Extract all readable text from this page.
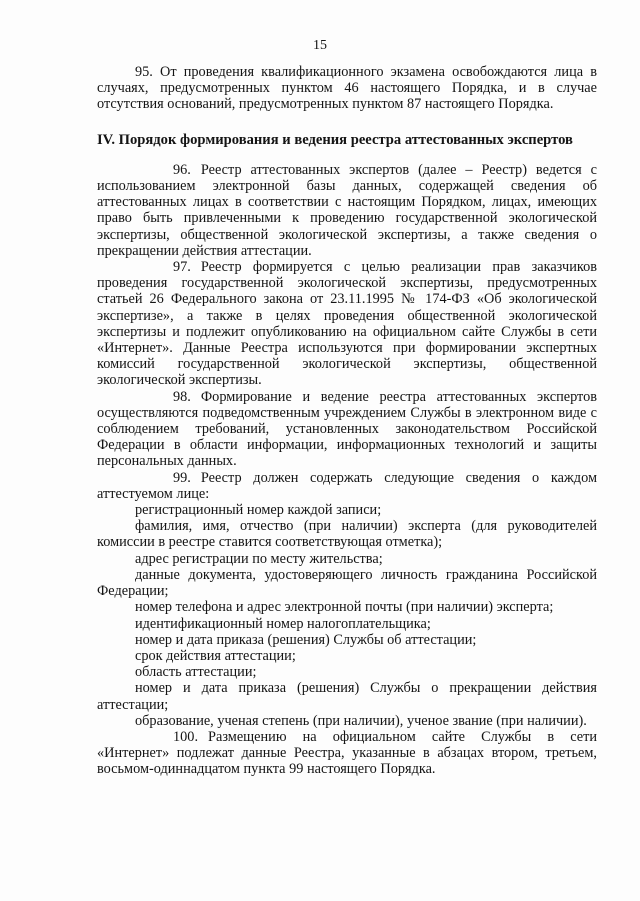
15

95. От проведения квалификационного экзамена освобождаются лица в случаях, предусмотренных пунктом 46 настоящего Порядка, и в случае отсутствия оснований, предусмотренных пунктом 87 настоящего Порядка.

IV. Порядок формирования и ведения реестра аттестованных экспертов

96. Реестр аттестованных экспертов (далее – Реестр) ведется с использованием электронной базы данных, содержащей сведения об аттестованных лицах в соответствии с настоящим Порядком, лицах, имеющих право быть привлеченными к проведению государственной экологической экспертизы, общественной экологической экспертизы, а также сведения о прекращении действия аттестации.

97. Реестр формируется с целью реализации прав заказчиков проведения государственной экологической экспертизы, предусмотренных статьей 26 Федерального закона от 23.11.1995 № 174-ФЗ «Об экологической экспертизе», а также в целях проведения общественной экологической экспертизы и подлежит опубликованию на официальном сайте Службы в сети «Интернет». Данные Реестра используются при формировании экспертных комиссий государственной экологической экспертизы, общественной экологической экспертизы.

98. Формирование и ведение реестра аттестованных экспертов осуществляются подведомственным учреждением Службы в электронном виде с соблюдением требований, установленных законодательством Российской Федерации в области информации, информационных технологий и защиты персональных данных.

99. Реестр должен содержать следующие сведения о каждом аттестуемом лице:

регистрационный номер каждой записи;

фамилия, имя, отчество (при наличии) эксперта (для руководителей комиссии в реестре ставится соответствующая отметка);

адрес регистрации по месту жительства;

данные документа, удостоверяющего личность гражданина Российской Федерации;

номер телефона и адрес электронной почты (при наличии) эксперта;

идентификационный номер налогоплательщика;

номер и дата приказа (решения) Службы об аттестации;

срок действия аттестации;

область аттестации;

номер и дата приказа (решения) Службы о прекращении действия аттестации;

образование, ученая степень (при наличии), ученое звание (при наличии).

100. Размещению на официальном сайте Службы в сети «Интернет» подлежат данные Реестра, указанные в абзацах втором, третьем, восьмом-одиннадцатом пункта 99 настоящего Порядка.
